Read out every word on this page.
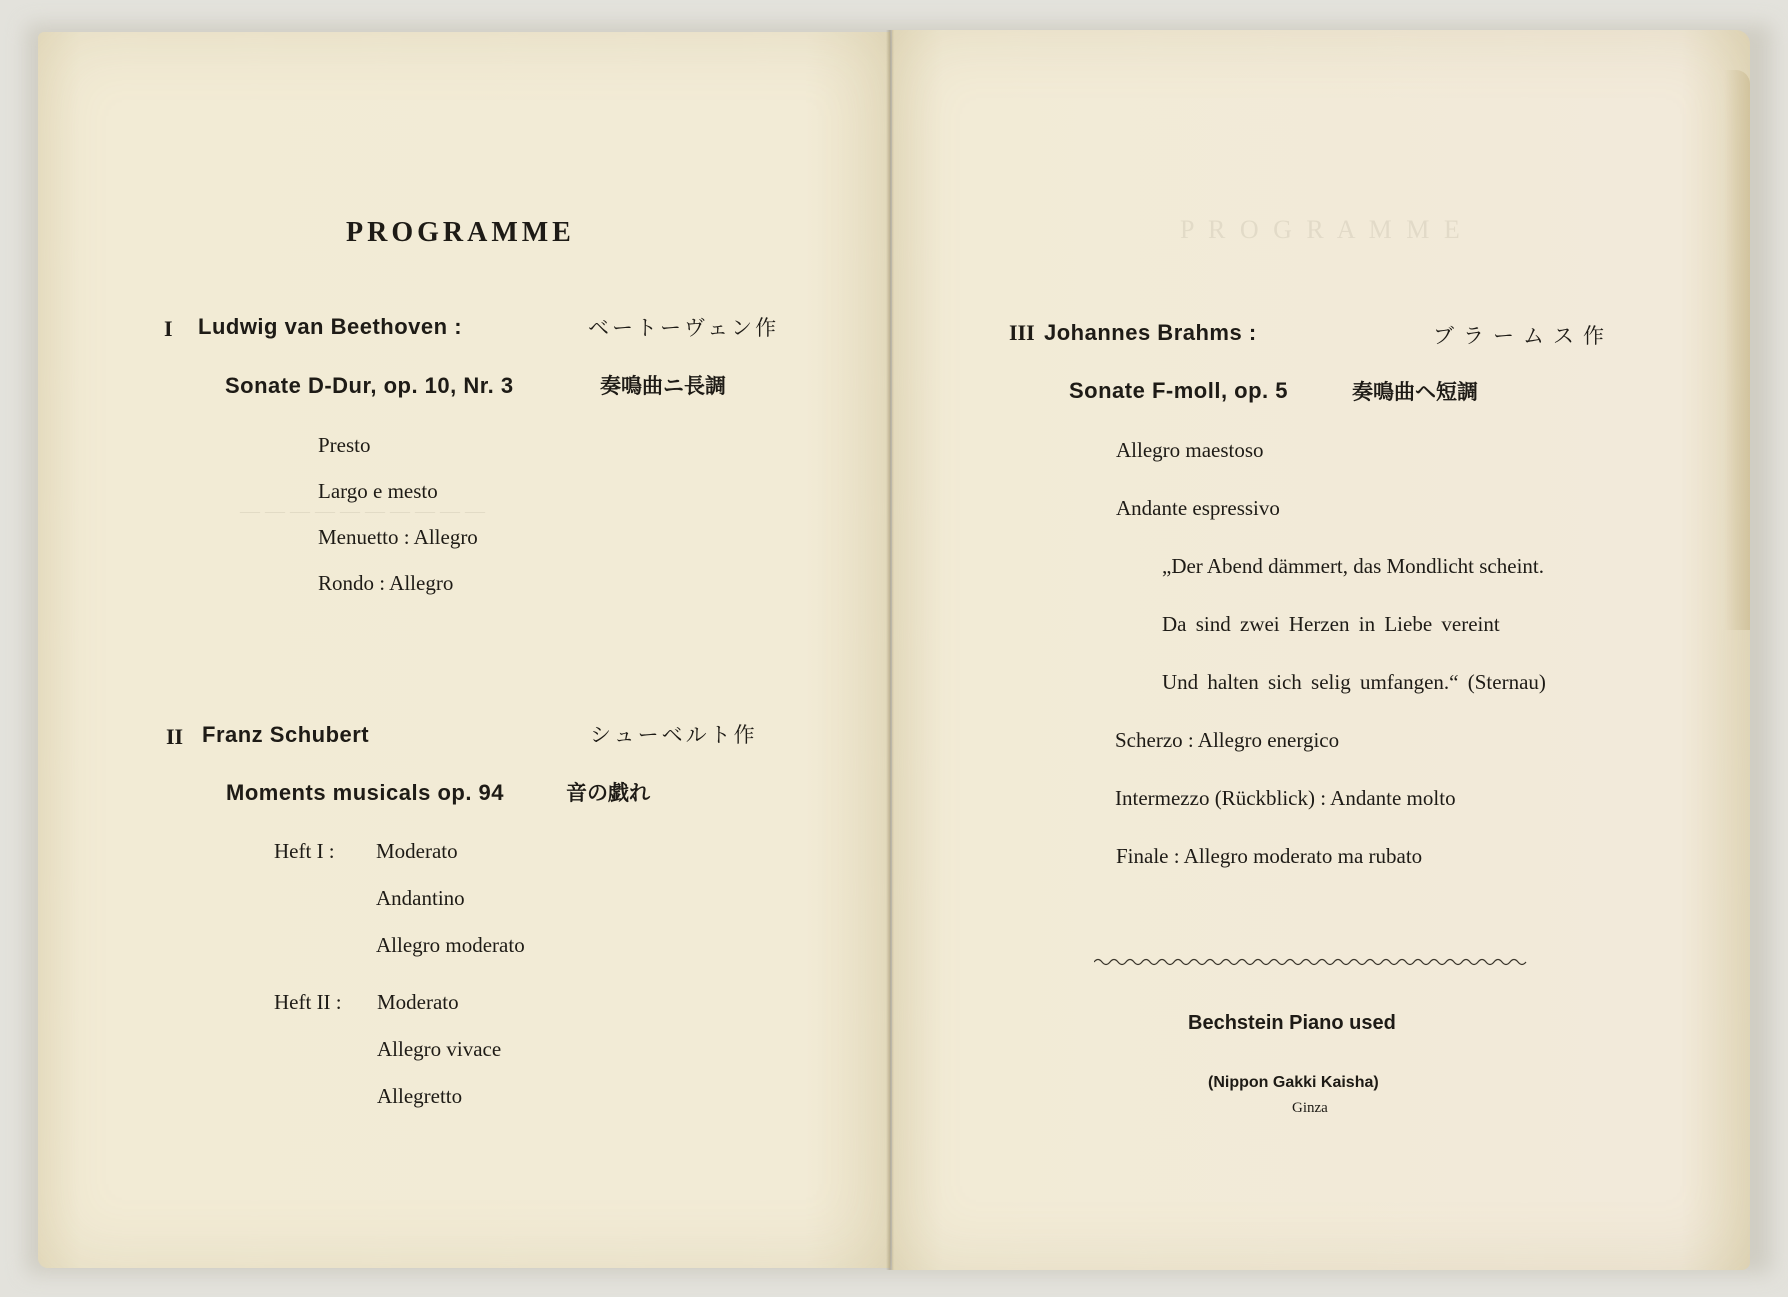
P R O G R A M M E
— — — — — — — — — —
PROGRAMME
I Ludwig van Beethoven :	ベートーヴェン作
Sonate D-Dur, op. 10, Nr. 3	奏鳴曲ニ長調
Presto
Largo e mesto
Menuetto : Allegro
Rondo : Allegro
II Franz Schubert	シューベルト作
Moments musicals op. 94	音の戯れ
Heft I : Moderato
Andantino
Allegro moderato
Heft II : Moderato
Allegro vivace
Allegretto
III Johannes Brahms :	ブラームス作
Sonate F-moll, op. 5	奏鳴曲ヘ短調
Allegro maestoso
Andante espressivo
„Der Abend dämmert, das Mondlicht scheint.
Da sind zwei Herzen in Liebe vereint
Und halten sich selig umfangen.“ (Sternau)
Scherzo : Allegro energico
Intermezzo (Rückblick) : Andante molto
Finale : Allegro moderato ma rubato
Bechstein Piano used
(Nippon Gakki Kaisha)
Ginza
